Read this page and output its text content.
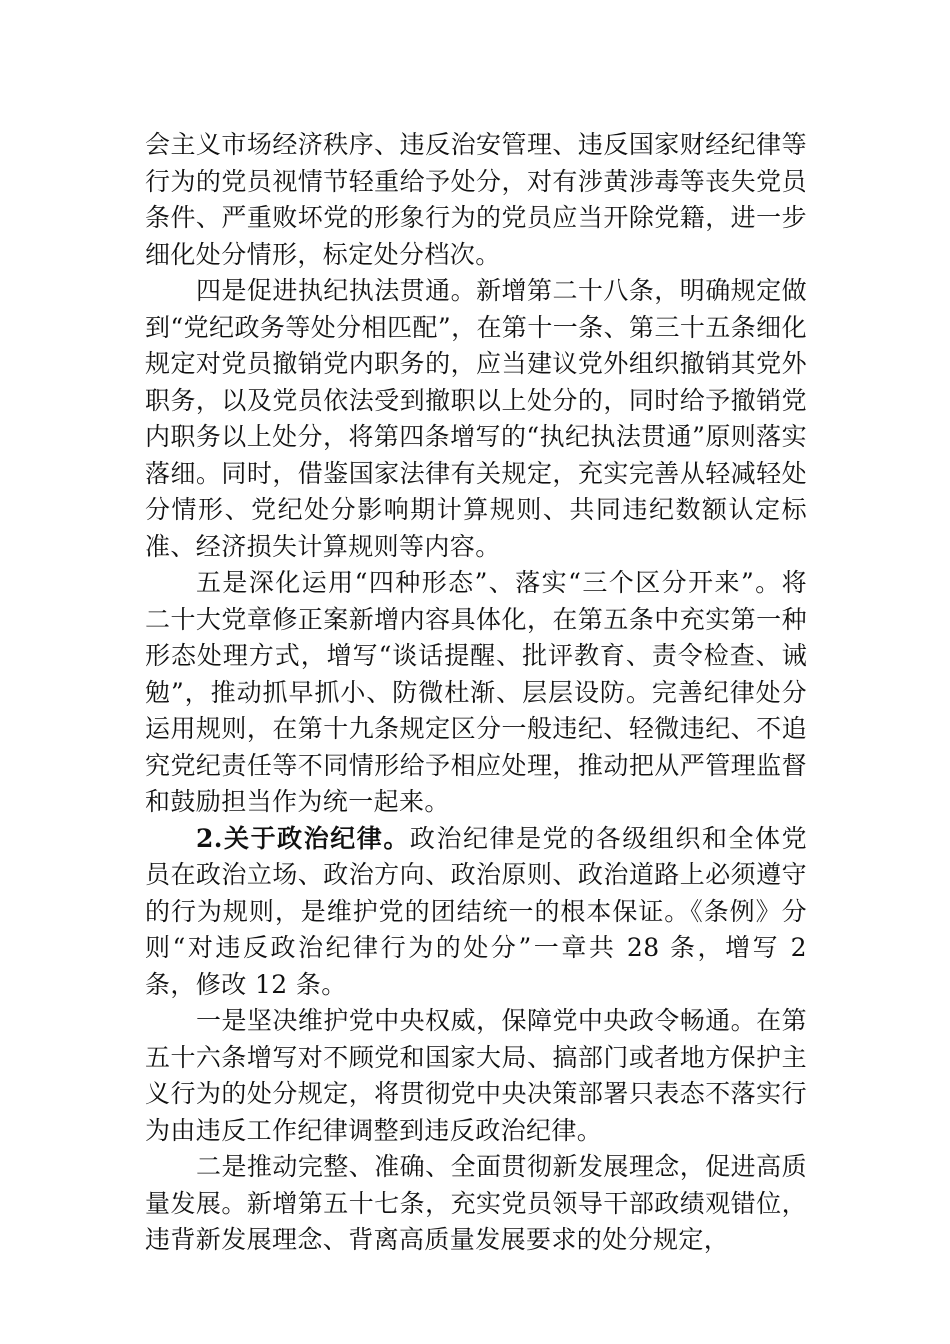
会主义市场经济秩序、违反治安管理、违反国家财经纪律等行为的党员视情节轻重给予处分，对有涉黄涉毒等丧失党员条件、严重败坏党的形象行为的党员应当开除党籍，进一步细化处分情形，标定处分档次。

四是促进执纪执法贯通。新增第二十八条，明确规定做到“党纪政务等处分相匹配”，在第十一条、第三十五条细化规定对党员撤销党内职务的，应当建议党外组织撤销其党外职务，以及党员依法受到撤职以上处分的，同时给予撤销党内职务以上处分，将第四条增写的“执纪执法贯通”原则落实落细。同时，借鉴国家法律有关规定，充实完善从轻减轻处分情形、党纪处分影响期计算规则、共同违纪数额认定标准、经济损失计算规则等内容。

五是深化运用“四种形态”、落实“三个区分开来”。将二十大党章修正案新增内容具体化，在第五条中充实第一种形态处理方式，增写“谈话提醒、批评教育、责令检查、诫勉”，推动抓早抓小、防微杜渐、层层设防。完善纪律处分运用规则，在第十九条规定区分一般违纪、轻微违纪、不追究党纪责任等不同情形给予相应处理，推动把从严管理监督和鼓励担当作为统一起来。

2.关于政治纪律。政治纪律是党的各级组织和全体党员在政治立场、政治方向、政治原则、政治道路上必须遵守的行为规则，是维护党的团结统一的根本保证。《条例》分则“对违反政治纪律行为的处分”一章共 28 条，增写 2 条，修改 12 条。

一是坚决维护党中央权威，保障党中央政令畅通。在第五十六条增写对不顾党和国家大局、搞部门或者地方保护主义行为的处分规定，将贯彻党中央决策部署只表态不落实行为由违反工作纪律调整到违反政治纪律。

二是推动完整、准确、全面贯彻新发展理念，促进高质量发展。新增第五十七条，充实党员领导干部政绩观错位，违背新发展理念、背离高质量发展要求的处分规定，
